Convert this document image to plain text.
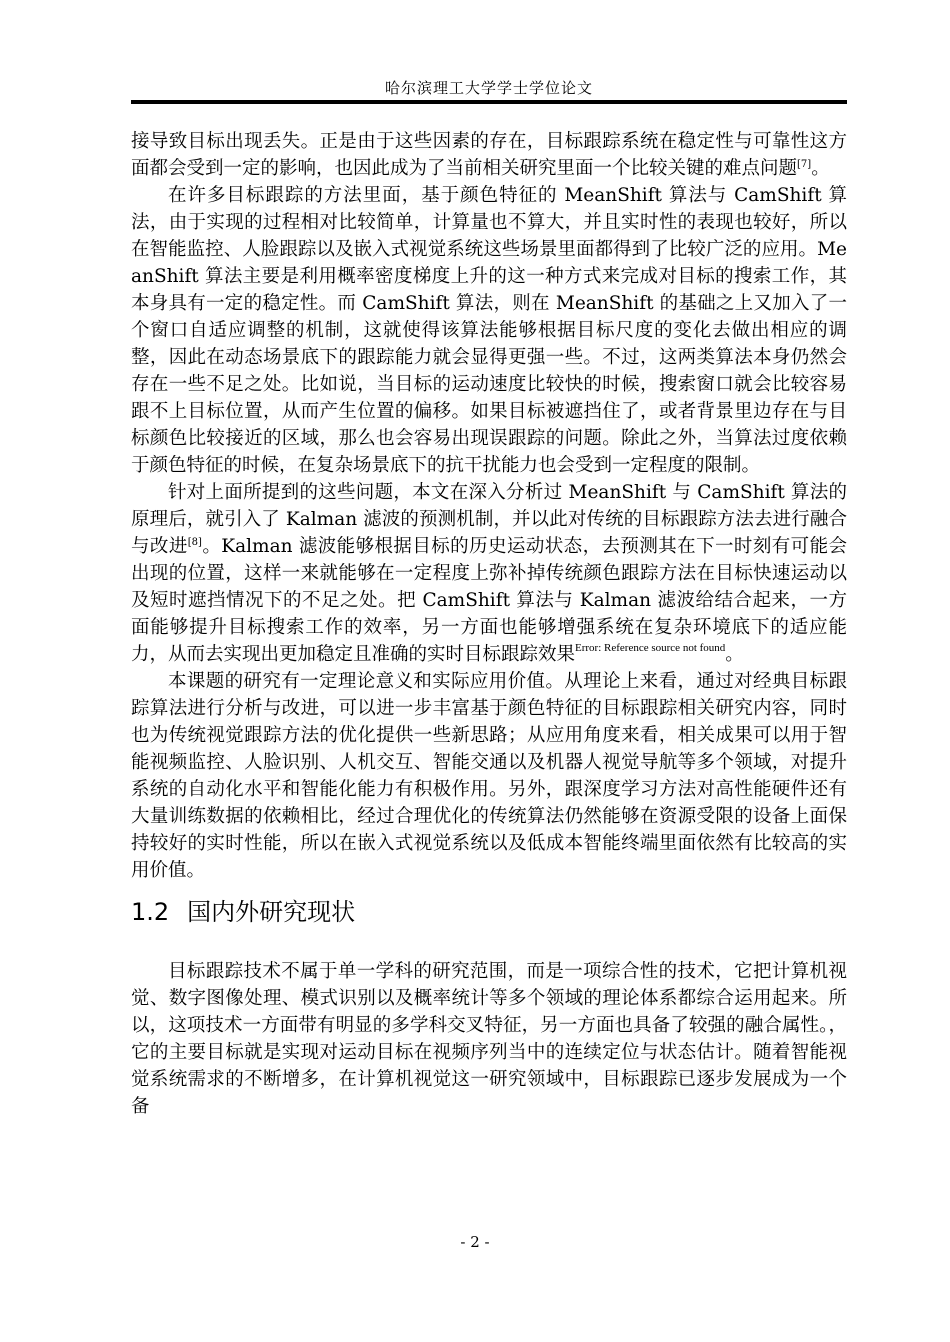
哈尔滨理工大学学士学位论文

接导致目标出现丢失。正是由于这些因素的存在，目标跟踪系统在稳定性与可靠性这方面都会受到一定的影响，也因此成为了当前相关研究里面一个比较关键的难点问题[7]。

在许多目标跟踪的方法里面，基于颜色特征的 MeanShift 算法与 CamShift 算法，由于实现的过程相对比较简单，计算量也不算大，并且实时性的表现也较好，所以在智能监控、人脸跟踪以及嵌入式视觉系统这些场景里面都得到了比较广泛的应用。MeanShift 算法主要是利用概率密度梯度上升的这一种方式来完成对目标的搜索工作，其本身具有一定的稳定性。而 CamShift 算法，则在 MeanShift 的基础之上又加入了一个窗口自适应调整的机制，这就使得该算法能够根据目标尺度的变化去做出相应的调整，因此在动态场景底下的跟踪能力就会显得更强一些。不过，这两类算法本身仍然会存在一些不足之处。比如说，当目标的运动速度比较快的时候，搜索窗口就会比较容易跟不上目标位置，从而产生位置的偏移。如果目标被遮挡住了，或者背景里边存在与目标颜色比较接近的区域，那么也会容易出现误跟踪的问题。除此之外，当算法过度依赖于颜色特征的时候，在复杂场景底下的抗干扰能力也会受到一定程度的限制。

针对上面所提到的这些问题，本文在深入分析过 MeanShift 与 CamShift 算法的原理后，就引入了 Kalman 滤波的预测机制，并以此对传统的目标跟踪方法去进行融合与改进[8]。Kalman 滤波能够根据目标的历史运动状态，去预测其在下一时刻有可能会出现的位置，这样一来就能够在一定程度上弥补掉传统颜色跟踪方法在目标快速运动以及短时遮挡情况下的不足之处。把 CamShift 算法与 Kalman 滤波给结合起来，一方面能够提升目标搜索工作的效率，另一方面也能够增强系统在复杂环境底下的适应能力，从而去实现出更加稳定且准确的实时目标跟踪效果$^{Error: Reference source not found}$。

本课题的研究有一定理论意义和实际应用价值。从理论上来看，通过对经典目标跟踪算法进行分析与改进，可以进一步丰富基于颜色特征的目标跟踪相关研究内容，同时也为传统视觉跟踪方法的优化提供一些新思路；从应用角度来看，相关成果可以用于智能视频监控、人脸识别、人机交互、智能交通以及机器人视觉导航等多个领域，对提升系统的自动化水平和智能化能力有积极作用。另外，跟深度学习方法对高性能硬件还有大量训练数据的依赖相比，经过合理优化的传统算法仍然能够在资源受限的设备上面保持较好的实时性能，所以在嵌入式视觉系统以及低成本智能终端里面依然有比较高的实用价值。

1.2 国内外研究现状

目标跟踪技术不属于单一学科的研究范围，而是一项综合性的技术，它把计算机视觉、数字图像处理、模式识别以及概率统计等多个领域的理论体系都综合运用起来。所以，这项技术一方面带有明显的多学科交叉特征，另一方面也具备了较强的融合属性。，它的主要目标就是实现对运动目标在视频序列当中的连续定位与状态估计。随着智能视觉系统需求的不断增多，在计算机视觉这一研究领域中，目标跟踪已逐步发展成为一个备

- 2 -
